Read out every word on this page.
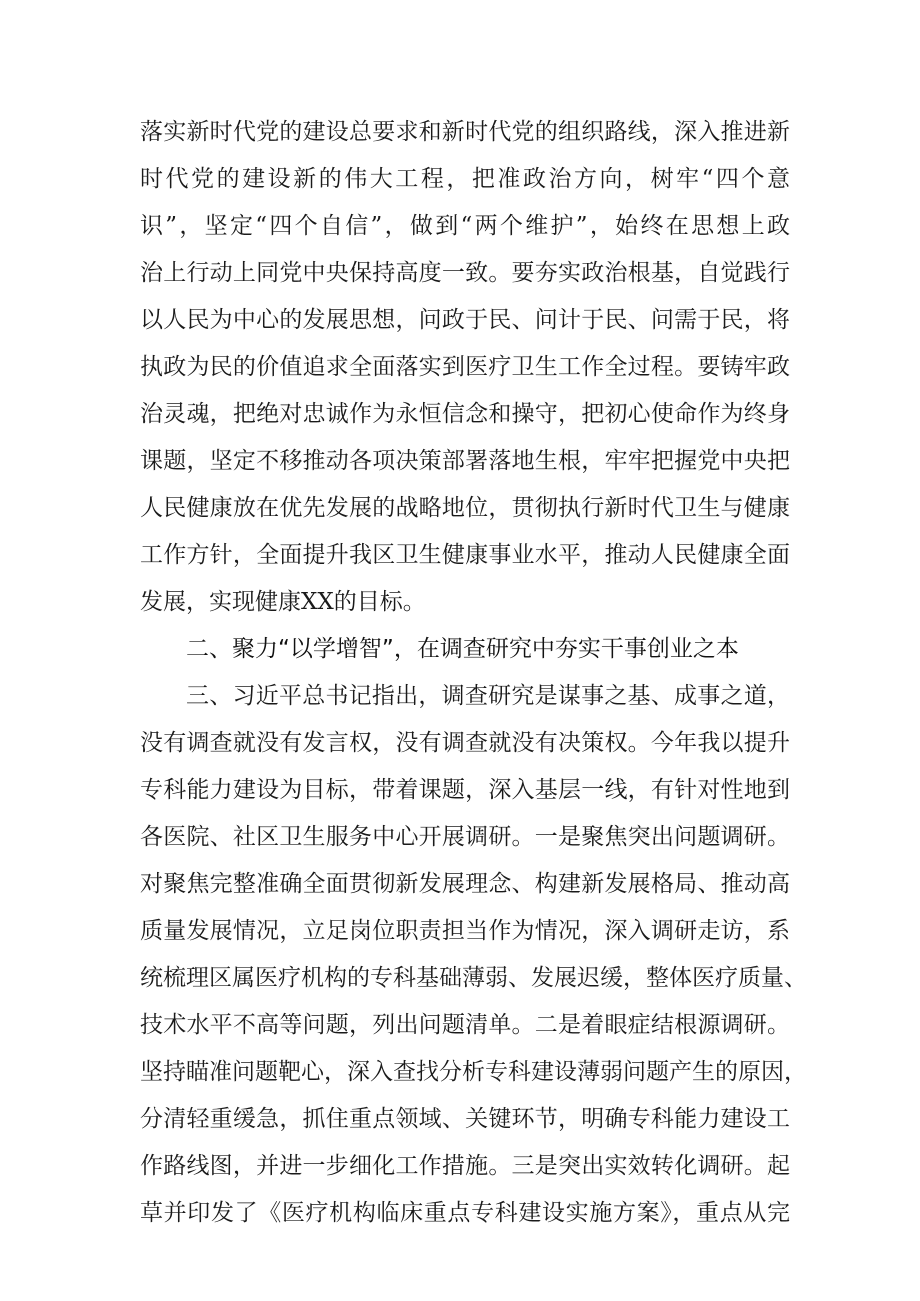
落实新时代党的建设总要求和新时代党的组织路线，深入推进新
时代党的建设新的伟大工程，把准政治方向，树牢“四个意
识”，坚定“四个自信”，做到“两个维护”，始终在思想上政
治上行动上同党中央保持高度一致。要夯实政治根基，自觉践行
以人民为中心的发展思想，问政于民、问计于民、问需于民，将
执政为民的价值追求全面落实到医疗卫生工作全过程。要铸牢政
治灵魂，把绝对忠诚作为永恒信念和操守，把初心使命作为终身
课题，坚定不移推动各项决策部署落地生根，牢牢把握党中央把
人民健康放在优先发展的战略地位，贯彻执行新时代卫生与健康
工作方针，全面提升我区卫生健康事业水平，推动人民健康全面
发展，实现健康XX的目标。
二、聚力“以学增智”，在调查研究中夯实干事创业之本
三、习近平总书记指出，调查研究是谋事之基、成事之道，
没有调查就没有发言权，没有调查就没有决策权。今年我以提升
专科能力建设为目标，带着课题，深入基层一线，有针对性地到
各医院、社区卫生服务中心开展调研。一是聚焦突出问题调研。
对聚焦完整准确全面贯彻新发展理念、构建新发展格局、推动高
质量发展情况，立足岗位职责担当作为情况，深入调研走访，系
统梳理区属医疗机构的专科基础薄弱、发展迟缓，整体医疗质量、
技术水平不高等问题，列出问题清单。二是着眼症结根源调研。
坚持瞄准问题靶心，深入查找分析专科建设薄弱问题产生的原因，
分清轻重缓急，抓住重点领域、关键环节，明确专科能力建设工
作路线图，并进一步细化工作措施。三是突出实效转化调研。起
草并印发了《医疗机构临床重点专科建设实施方案》，重点从完
